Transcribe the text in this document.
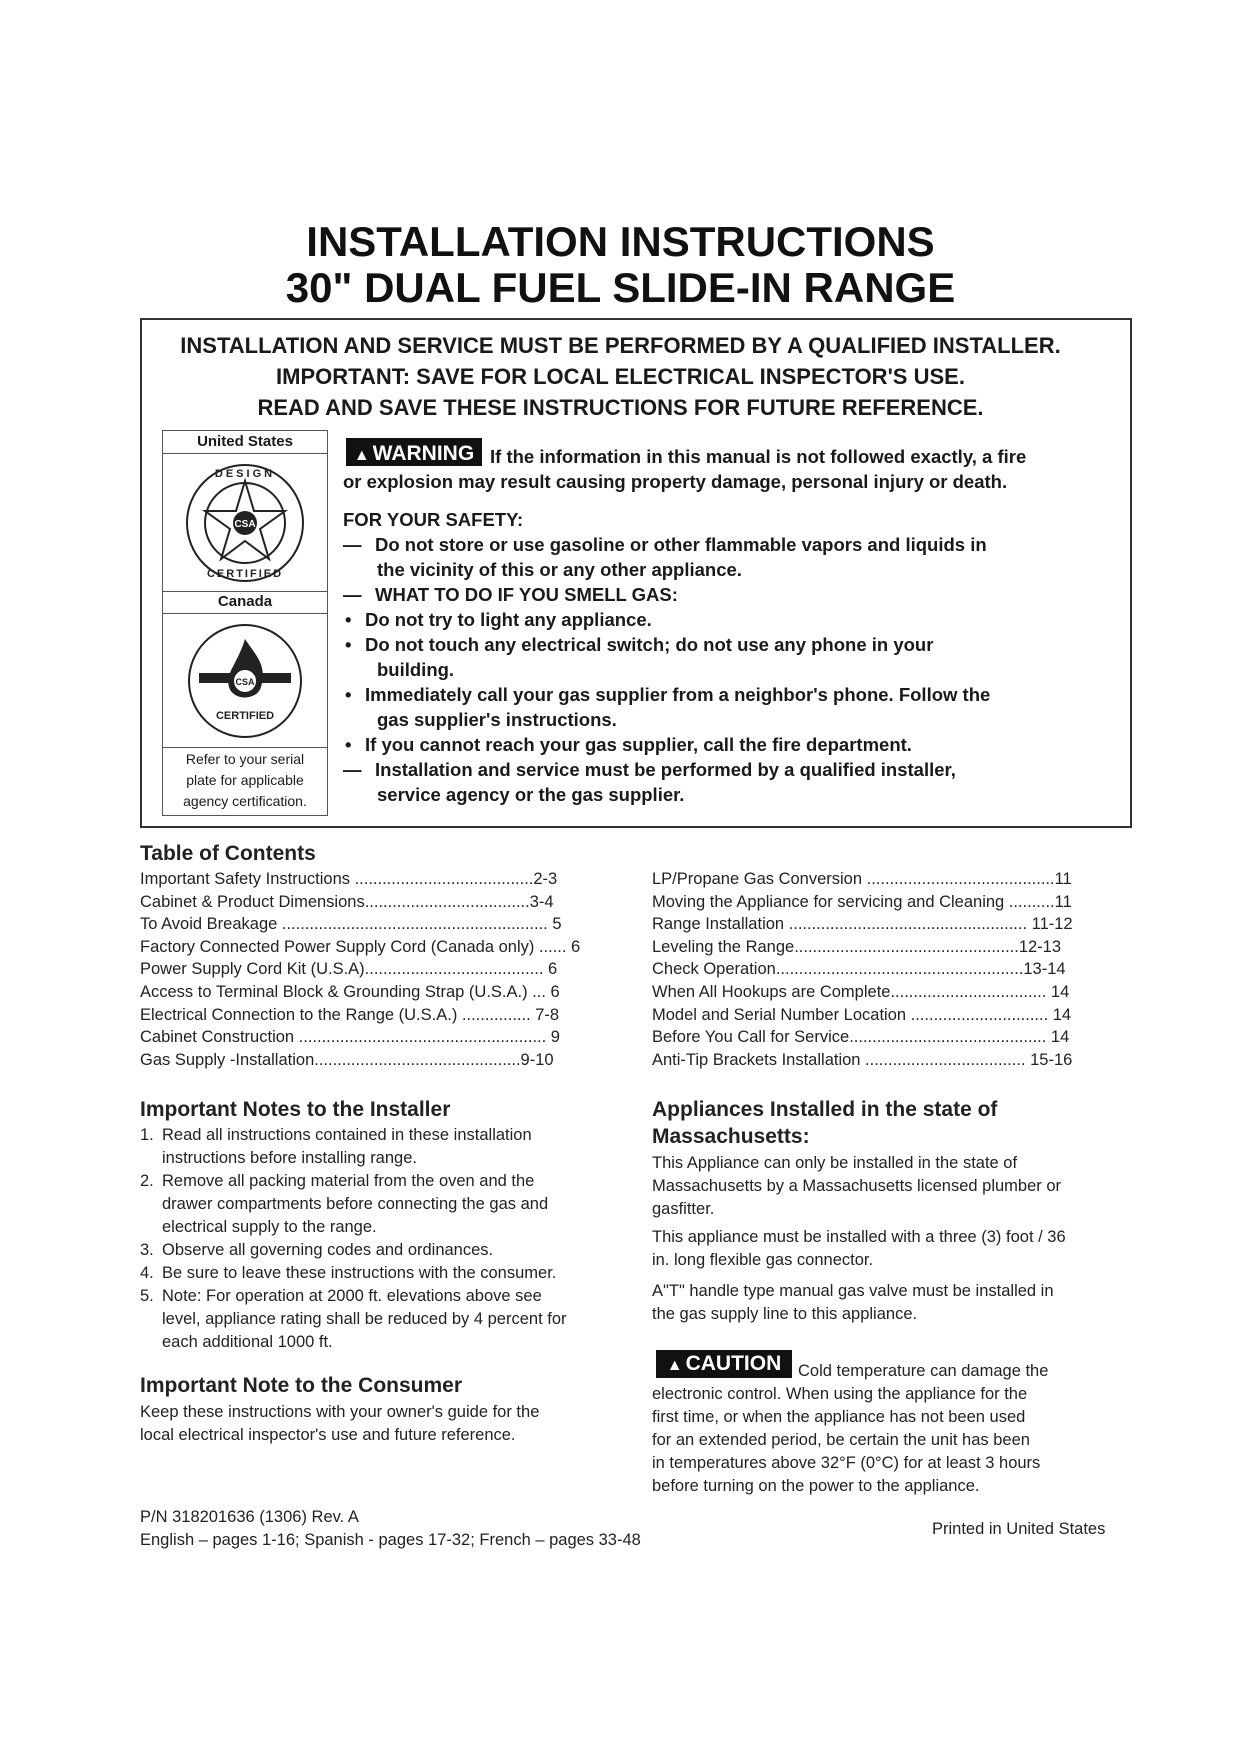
INSTALLATION INSTRUCTIONS
30" DUAL FUEL SLIDE-IN RANGE
INSTALLATION AND SERVICE MUST BE PERFORMED BY A QUALIFIED INSTALLER.
IMPORTANT: SAVE FOR LOCAL ELECTRICAL INSPECTOR'S USE.
READ AND SAVE THESE INSTRUCTIONS FOR FUTURE REFERENCE.
United States
CSA
DESIGN
CERTIFIED
Canada
CSA
CERTIFIED
Refer to your serial
plate for applicable
agency certification.
▲ WARNING If the information in this manual is not followed exactly, a fire
or explosion may result causing property damage, personal injury or death.
FOR YOUR SAFETY:
— Do not store or use gasoline or other flammable vapors and liquids in
the vicinity of this or any other appliance.
— WHAT TO DO IF YOU SMELL GAS:
• Do not try to light any appliance.
• Do not touch any electrical switch; do not use any phone in your
building.
• Immediately call your gas supplier from a neighbor's phone. Follow the
gas supplier's instructions.
• If you cannot reach your gas supplier, call the fire department.
— Installation and service must be performed by a qualified installer,
service agency or the gas supplier.
Table of Contents
Important Safety Instructions .......................................2-3
Cabinet & Product Dimensions....................................3-4
To Avoid Breakage .......................................................... 5
Factory Connected Power Supply Cord (Canada only) ...... 6
Power Supply Cord Kit (U.S.A)....................................... 6
Access to Terminal Block & Grounding Strap (U.S.A.) ... 6
Electrical Connection to the Range (U.S.A.) ............... 7-8
Cabinet Construction ...................................................... 9
Gas Supply -Installation.............................................9-10
LP/Propane Gas Conversion .........................................11
Moving the Appliance for servicing and Cleaning ..........11
Range Installation .................................................... 11-12
Leveling the Range.................................................12-13
Check Operation......................................................13-14
When All Hookups are Complete.................................. 14
Model and Serial Number Location .............................. 14
Before You Call for Service........................................... 14
Anti-Tip Brackets Installation ................................... 15-16
Important Notes to the Installer
1. Read all instructions contained in these installation
instructions before installing range.
2. Remove all packing material from the oven and the
drawer compartments before connecting the gas and
electrical supply to the range.
3. Observe all governing codes and ordinances.
4. Be sure to leave these instructions with the consumer.
5. Note: For operation at 2000 ft. elevations above see
level, appliance rating shall be reduced by 4 percent for
each additional 1000 ft.
Important Note to the Consumer
Keep these instructions with your owner's guide for the
local electrical inspector's use and future reference.
Appliances Installed in the state of
Massachusetts:
This Appliance can only be installed in the state of
Massachusetts by a Massachusetts licensed plumber or
gasfitter.
This appliance must be installed with a three (3) foot / 36
in. long flexible gas connector.
A"T" handle type manual gas valve must be installed in
the gas supply line to this appliance.
▲ CAUTION	Cold temperature can damage the
electronic control. When using the appliance for the
first time, or when the appliance has not been used
for an extended period, be certain the unit has been
in temperatures above 32°F (0°C) for at least 3 hours
before turning on the power to the appliance.
P/N 318201636 (1306) Rev. A
English – pages 1-16; Spanish - pages 17-32; French – pages 33-48
Printed in United States
